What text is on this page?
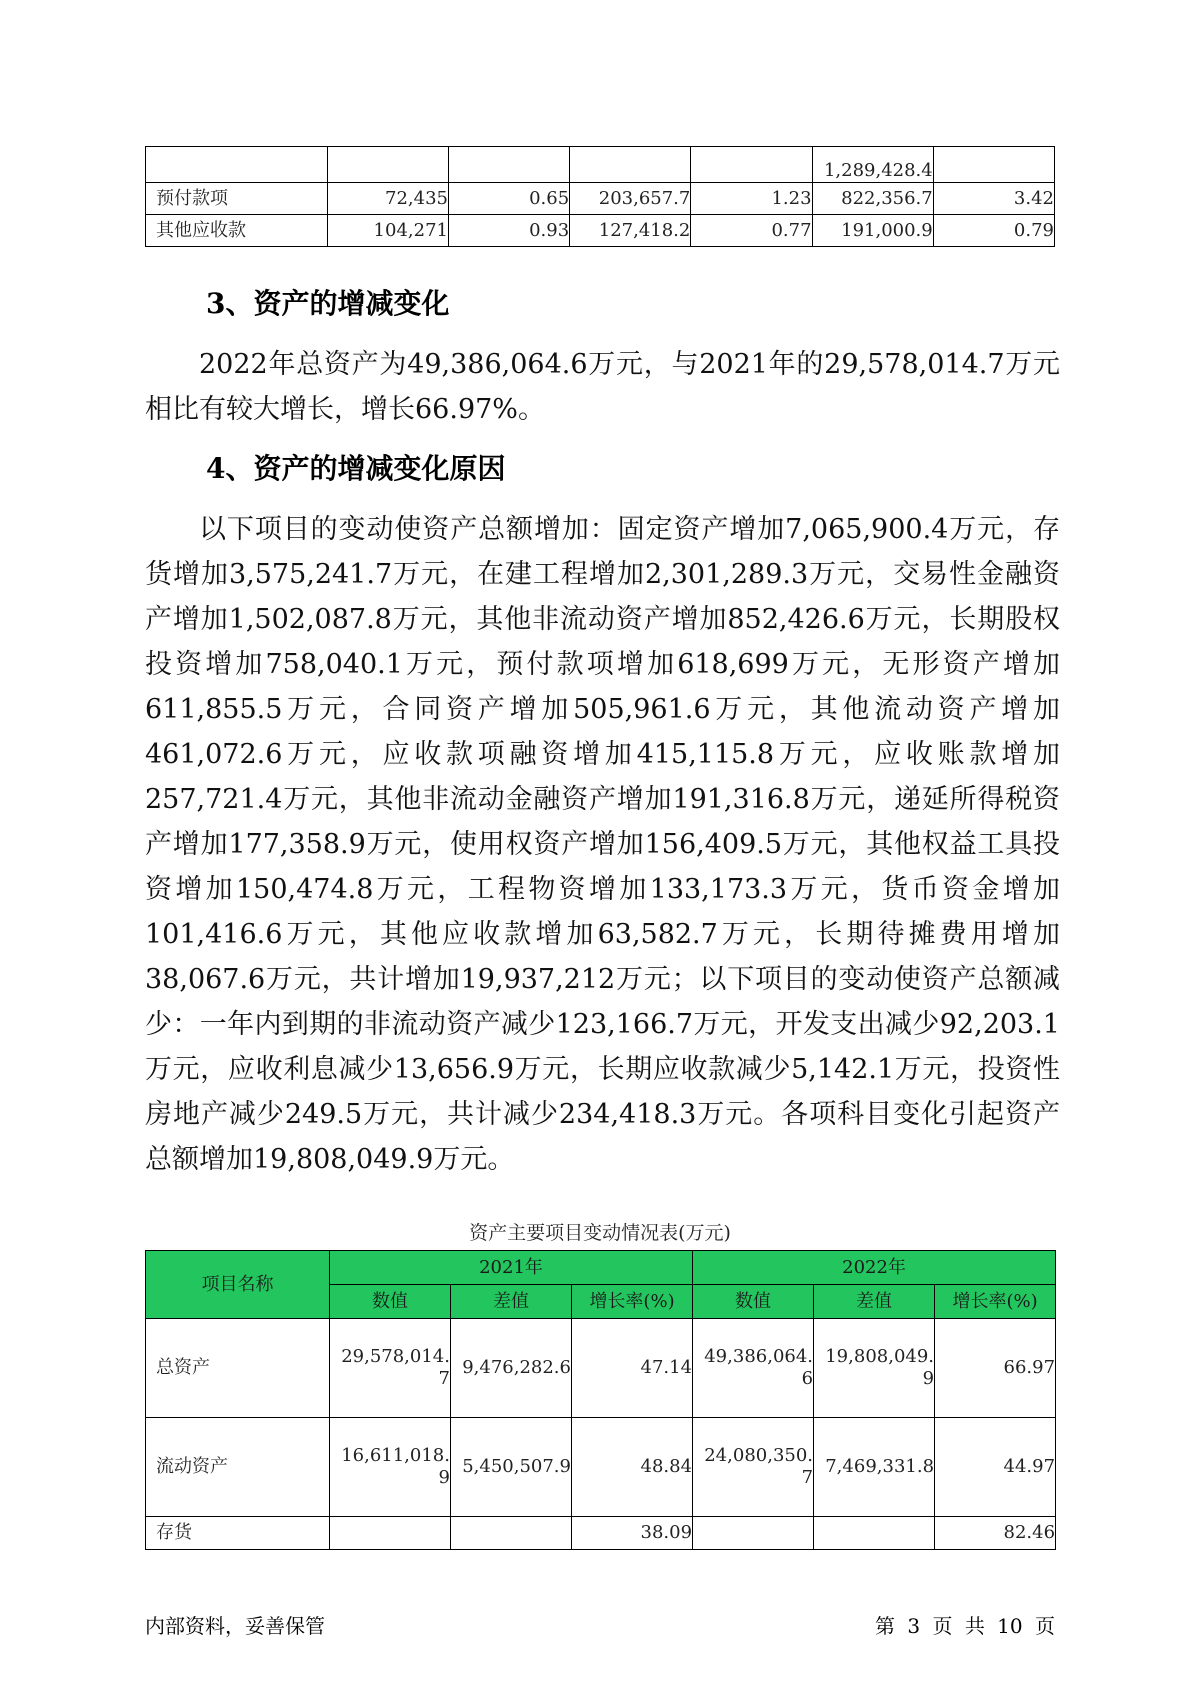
					1,289,428.4	
预付款项	72,435	0.65	203,657.7	1.23	822,356.7	3.42
其他应收款	104,271	0.93	127,418.2	0.77	191,000.9	0.79
3、资产的增减变化

2022年总资产为49,386,064.6万元，与2021年的29,578,014.7万元相比有较大增长，增长66.97%。

4、资产的增减变化原因

以下项目的变动使资产总额增加：固定资产增加7,065,900.4万元，存货增加3,575,241.7万元，在建工程增加2,301,289.3万元，交易性金融资产增加1,502,087.8万元，其他非流动资产增加852,426.6万元，长期股权投资增加758,040.1万元，预付款项增加618,699万元，无形资产增加611,855.5万元，合同资产增加505,961.6万元，其他流动资产增加461,072.6万元，应收款项融资增加415,115.8万元，应收账款增加257,721.4万元，其他非流动金融资产增加191,316.8万元，递延所得税资产增加177,358.9万元，使用权资产增加156,409.5万元，其他权益工具投资增加150,474.8万元，工程物资增加133,173.3万元，货币资金增加101,416.6万元，其他应收款增加63,582.7万元，长期待摊费用增加38,067.6万元，共计增加19,937,212万元；以下项目的变动使资产总额减少：一年内到期的非流动资产减少123,166.7万元，开发支出减少92,203.1万元，应收利息减少13,656.9万元，长期应收款减少5,142.1万元，投资性房地产减少249.5万元，共计减少234,418.3万元。各项科目变化引起资产总额增加19,808,049.9万元。

资产主要项目变动情况表(万元)
项目名称	2021年			2022年		
	数值	差值	增长率(%)	数值	差值	增长率(%)
总资产	29,578,014.7	9,476,282.6	47.14	49,386,064.6	19,808,049.9	66.97
流动资产	16,611,018.9	5,450,507.9	48.84	24,080,350.7	7,469,331.8	44.97
存货			38.09			82.46
内部资料，妥善保管	第 3 页 共 10 页
